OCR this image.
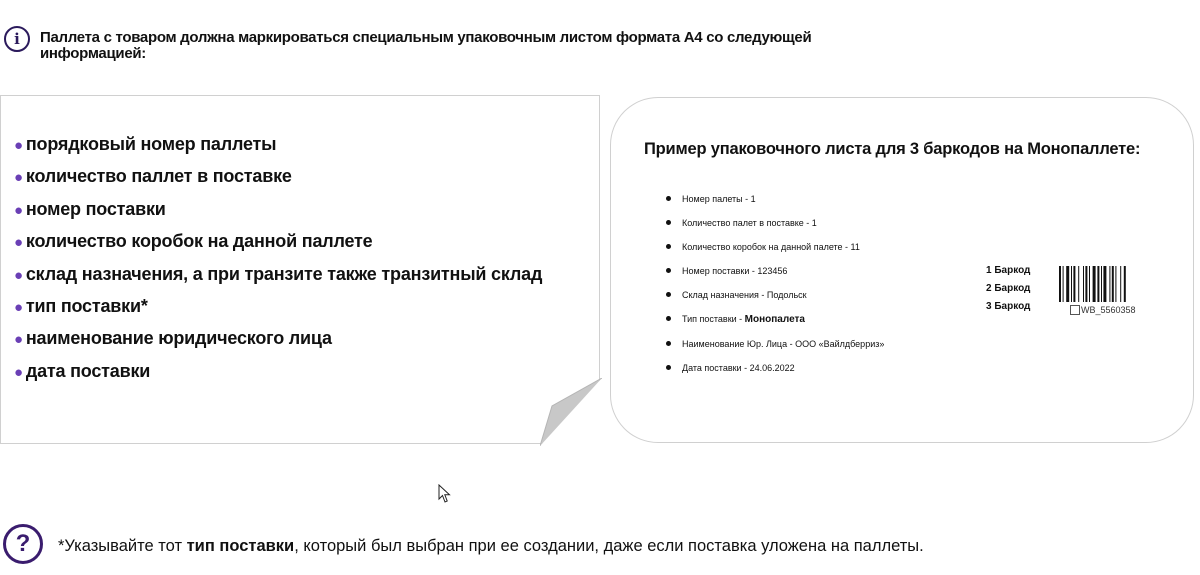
i	Паллета с товаром должна маркироваться специальным упаковочным листом формата А4 со следующей информацией:
● порядковый номер паллеты
● количество паллет в поставке
● номер поставки
● количество коробок на данной паллете
● склад назначения, а при транзите также транзитный склад
● тип поставки*
● наименование юридического лица
● дата поставки
Пример упаковочного листа для 3 баркодов на Монопаллете:
Номер палеты - 1
Количество палет в поставке - 1
Количество коробок на данной палете - 11
Номер поставки - 123456
Склад назначения - Подольск
Тип поставки - Монопалета
Наименование Юр. Лица - ООО «Вайлдберриз»
Дата поставки - 24.06.2022
1 Баркод
2 Баркод
3 Баркод	WB_5560358
?	*Указывайте тот тип поставки, который был выбран при ее создании, даже если поставка уложена на паллеты.
